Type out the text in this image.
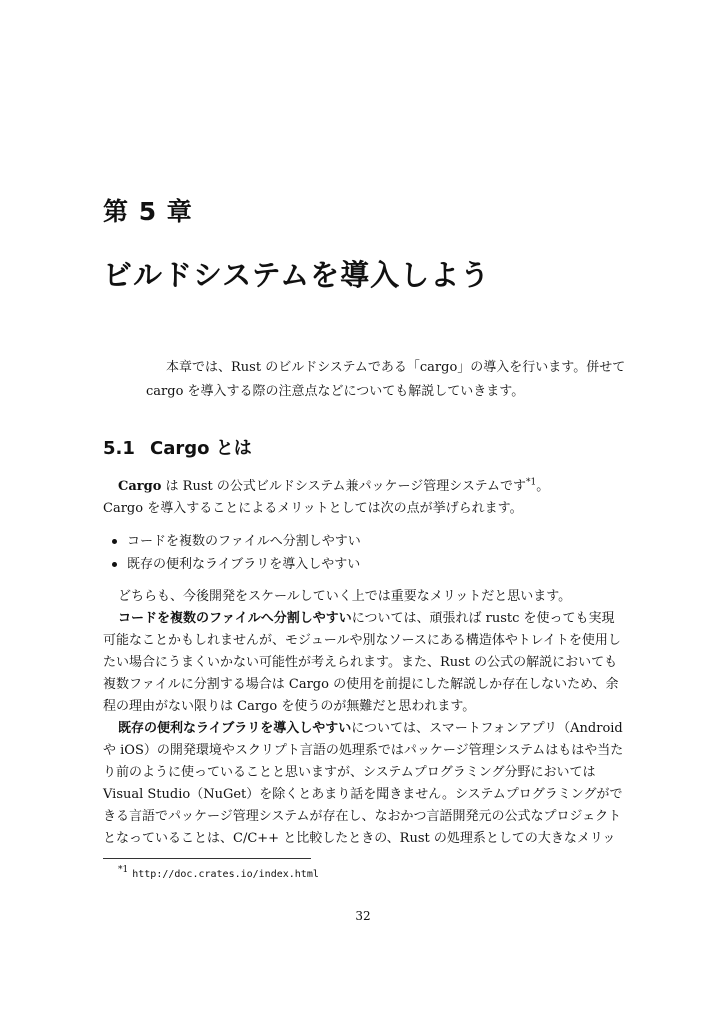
第 5 章
ビルドシステムを導入しよう

本章では、Rust のビルドシステムである「cargo」の導入を行います。併せて cargo を導入する際の注意点などについても解説していきます。

5.1 Cargo とは

Cargo は Rust の公式ビルドシステム兼パッケージ管理システムです$^{*1}$。

Cargo を導入することによるメリットとしては次の点が挙げられます。

コードを複数のファイルへ分割しやすい
既存の便利なライブラリを導入しやすい

どちらも、今後開発をスケールしていく上では重要なメリットだと思います。

コードを複数のファイルへ分割しやすいについては、頑張れば rustc を使っても実現可能なことかもしれませんが、モジュールや別なソースにある構造体やトレイトを使用したい場合にうまくいかない可能性が考えられます。また、Rust の公式の解説においても複数ファイルに分割する場合は Cargo の使用を前提にした解説しか存在しないため、余程の理由がない限りは Cargo を使うのが無難だと思われます。

既存の便利なライブラリを導入しやすいについては、スマートフォンアプリ（Android や iOS）の開発環境やスクリプト言語の処理系ではパッケージ管理システムはもはや当たり前のように使っていることと思いますが、システムプログラミング分野においては Visual Studio（NuGet）を除くとあまり話を聞きません。システムプログラミングができる言語でパッケージ管理システムが存在し、なおかつ言語開発元の公式なプロジェクトとなっていることは、C/C++ と比較したときの、Rust の処理系としての大きなメリッ

$^{*1}$ http://doc.crates.io/index.html
32
